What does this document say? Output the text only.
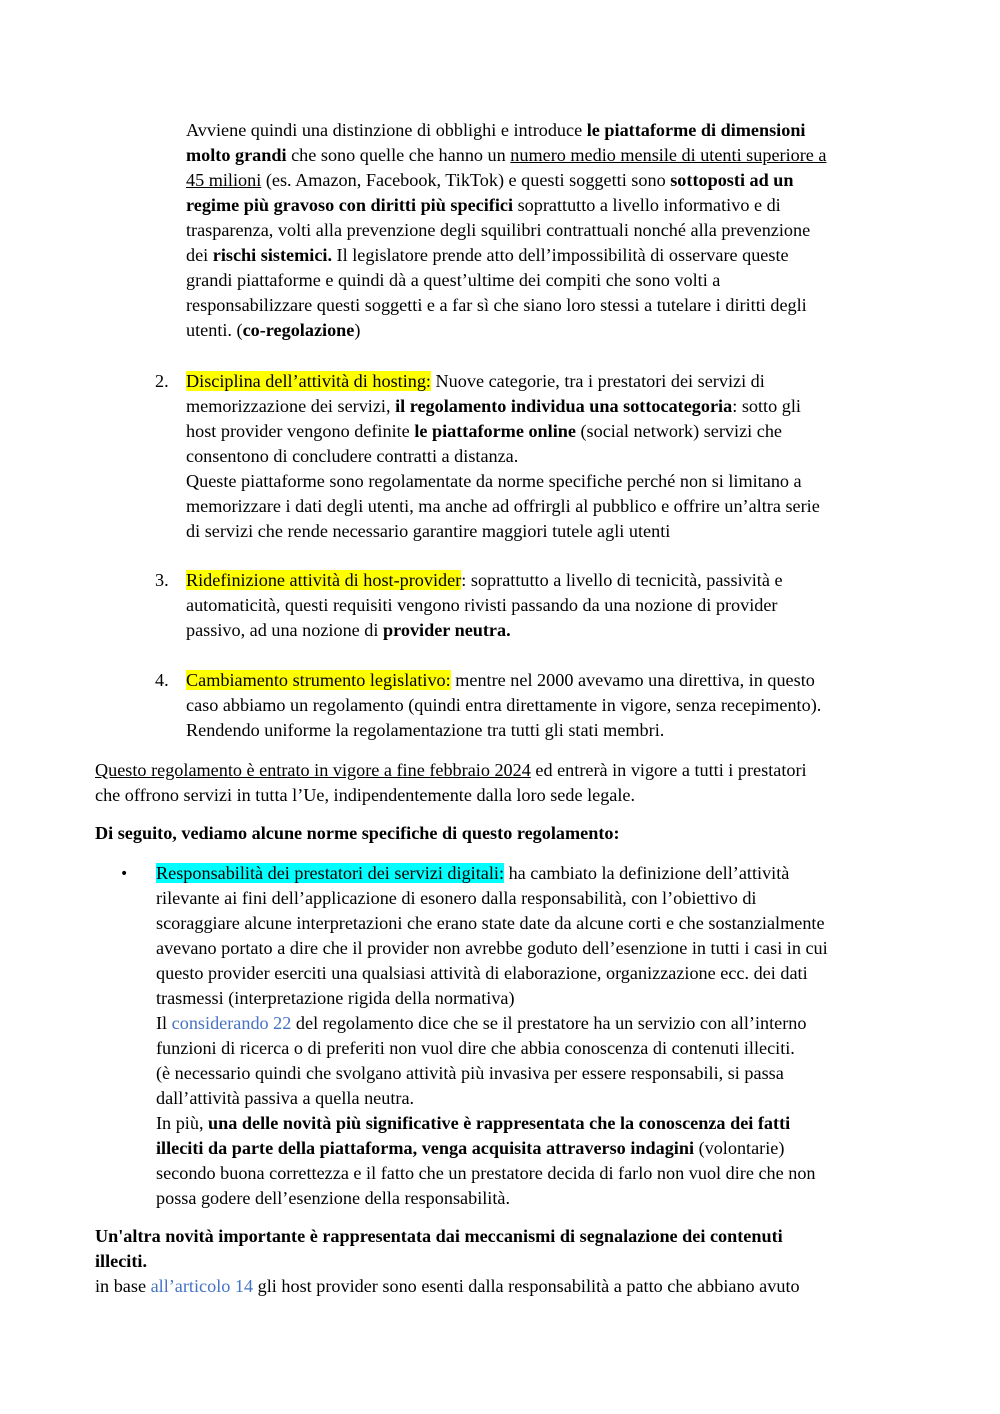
Avviene quindi una distinzione di obblighi e introduce le piattaforme di dimensioni
molto grandi che sono quelle che hanno un numero medio mensile di utenti superiore a
45 milioni (es. Amazon, Facebook, TikTok) e questi soggetti sono sottoposti ad un
regime più gravoso con diritti più specifici soprattutto a livello informativo e di
trasparenza, volti alla prevenzione degli squilibri contrattuali nonché alla prevenzione
dei rischi sistemici. Il legislatore prende atto dell’impossibilità di osservare queste
grandi piattaforme e quindi dà a quest’ultime dei compiti che sono volti a
responsabilizzare questi soggetti e a far sì che siano loro stessi a tutelare i diritti degli
utenti. (co-regolazione)
2. Disciplina dell’attività di hosting: Nuove categorie, tra i prestatori dei servizi di
memorizzazione dei servizi, il regolamento individua una sottocategoria: sotto gli
host provider vengono definite le piattaforme online (social network) servizi che
consentono di concludere contratti a distanza.
Queste piattaforme sono regolamentate da norme specifiche perché non si limitano a
memorizzare i dati degli utenti, ma anche ad offrirgli al pubblico e offrire un’altra serie
di servizi che rende necessario garantire maggiori tutele agli utenti
3. Ridefinizione attività di host-provider: soprattutto a livello di tecnicità, passività e
automaticità, questi requisiti vengono rivisti passando da una nozione di provider
passivo, ad una nozione di provider neutra.
4. Cambiamento strumento legislativo: mentre nel 2000 avevamo una direttiva, in questo
caso abbiamo un regolamento (quindi entra direttamente in vigore, senza recepimento).
Rendendo uniforme la regolamentazione tra tutti gli stati membri.
Questo regolamento è entrato in vigore a fine febbraio 2024 ed entrerà in vigore a tutti i prestatori
che offrono servizi in tutta l’Ue, indipendentemente dalla loro sede legale.
Di seguito, vediamo alcune norme specifiche di questo regolamento:
• Responsabilità dei prestatori dei servizi digitali: ha cambiato la definizione dell’attività
rilevante ai fini dell’applicazione di esonero dalla responsabilità, con l’obiettivo di
scoraggiare alcune interpretazioni che erano state date da alcune corti e che sostanzialmente
avevano portato a dire che il provider non avrebbe goduto dell’esenzione in tutti i casi in cui
questo provider eserciti una qualsiasi attività di elaborazione, organizzazione ecc. dei dati
trasmessi (interpretazione rigida della normativa)
Il considerando 22 del regolamento dice che se il prestatore ha un servizio con all’interno
funzioni di ricerca o di preferiti non vuol dire che abbia conoscenza di contenuti illeciti.
(è necessario quindi che svolgano attività più invasiva per essere responsabili, si passa
dall’attività passiva a quella neutra.
In più, una delle novità più significative è rappresentata che la conoscenza dei fatti
illeciti da parte della piattaforma, venga acquisita attraverso indagini (volontarie)
secondo buona correttezza e il fatto che un prestatore decida di farlo non vuol dire che non
possa godere dell’esenzione della responsabilità.
Un'altra novità importante è rappresentata dai meccanismi di segnalazione dei contenuti
illeciti.
in base all’articolo 14 gli host provider sono esenti dalla responsabilità a patto che abbiano avuto
